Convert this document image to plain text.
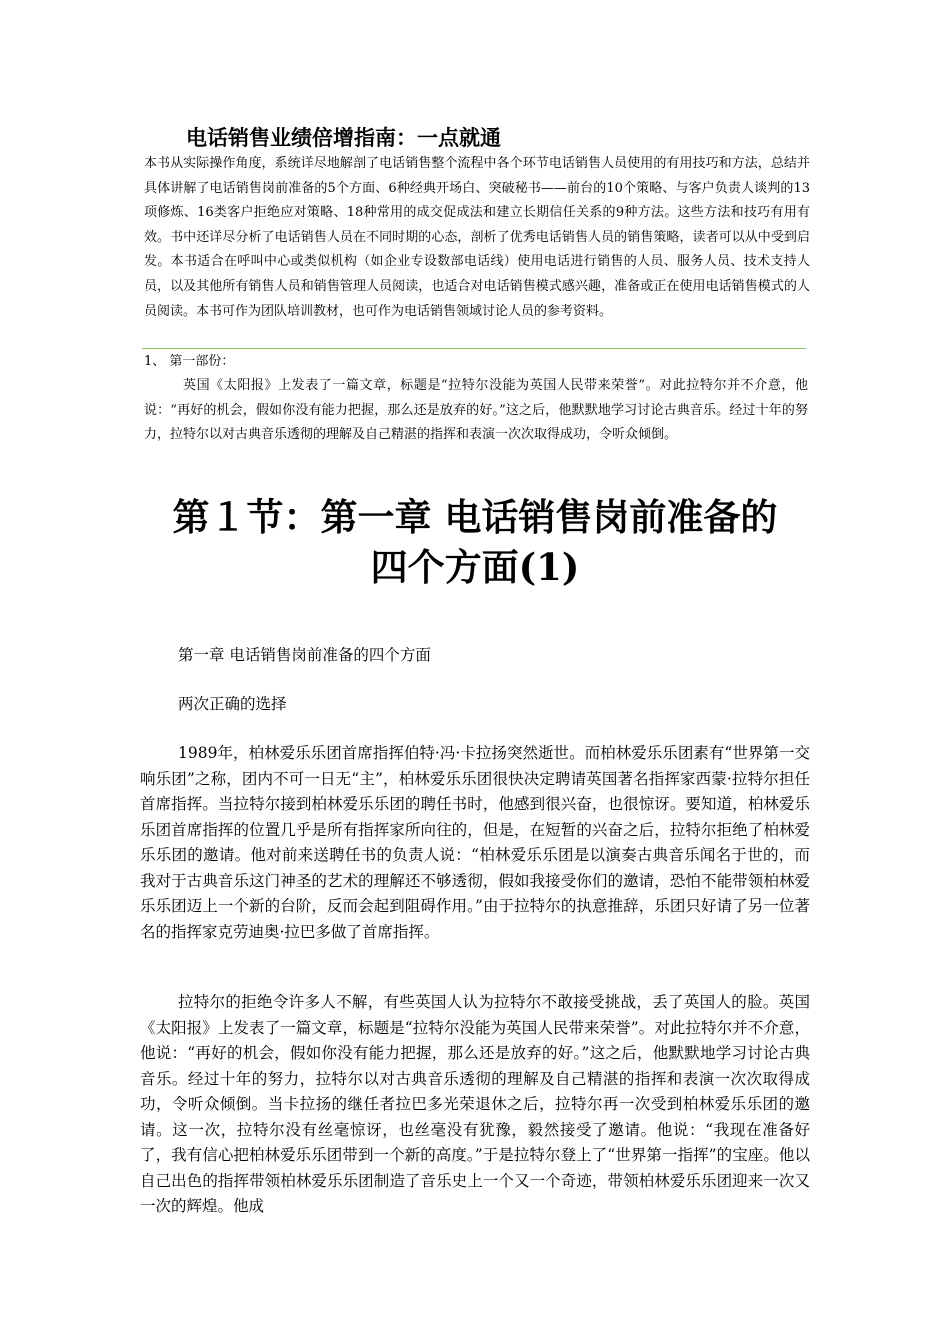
电话销售业绩倍增指南：一点就通
本书从实际操作角度，系统详尽地解剖了电话销售整个流程中各个环节电话销售人员使用的有用技巧和方法，总结并具体讲解了电话销售岗前准备的5个方面、6种经典开场白、突破秘书——前台的10个策略、与客户负责人谈判的13项修炼、16类客户拒绝应对策略、18种常用的成交促成法和建立长期信任关系的9种方法。这些方法和技巧有用有效。书中还详尽分析了电话销售人员在不同时期的心态，剖析了优秀电话销售人员的销售策略，读者可以从中受到启发。本书适合在呼叫中心或类似机构（如企业专设数部电话线）使用电话进行销售的人员、服务人员、技术支持人员，以及其他所有销售人员和销售管理人员阅读，也适合对电话销售模式感兴趣，准备或正在使用电话销售模式的人员阅读。本书可作为团队培训教材，也可作为电话销售领域讨论人员的参考资料。
1、 第一部份：
英国《太阳报》上发表了一篇文章，标题是“拉特尔没能为英国人民带来荣誉”。对此拉特尔并不介意，他说：“再好的机会，假如你没有能力把握，那么还是放弃的好。”这之后，他默默地学习讨论古典音乐。经过十年的努力，拉特尔以对古典音乐透彻的理解及自己精湛的指挥和表演一次次取得成功，令听众倾倒。
第１节：第一章 电话销售岗前准备的
四个方面(1)
第一章 电话销售岗前准备的四个方面
两次正确的选择
1989年，柏林爱乐乐团首席指挥伯特·冯·卡拉扬突然逝世。而柏林爱乐乐团素有“世界第一交响乐团”之称，团内不可一日无“主”，柏林爱乐乐团很快决定聘请英国著名指挥家西蒙·拉特尔担任首席指挥。当拉特尔接到柏林爱乐乐团的聘任书时，他感到很兴奋，也很惊讶。要知道，柏林爱乐乐团首席指挥的位置几乎是所有指挥家所向往的，但是，在短暂的兴奋之后，拉特尔拒绝了柏林爱乐乐团的邀请。他对前来送聘任书的负责人说：“柏林爱乐乐团是以演奏古典音乐闻名于世的，而我对于古典音乐这门神圣的艺术的理解还不够透彻，假如我接受你们的邀请，恐怕不能带领柏林爱乐乐团迈上一个新的台阶，反而会起到阻碍作用。”由于拉特尔的执意推辞，乐团只好请了另一位著名的指挥家克劳迪奥·拉巴多做了首席指挥。
拉特尔的拒绝令许多人不解，有些英国人认为拉特尔不敢接受挑战，丢了英国人的脸。英国《太阳报》上发表了一篇文章，标题是“拉特尔没能为英国人民带来荣誉”。对此拉特尔并不介意，他说：“再好的机会，假如你没有能力把握，那么还是放弃的好。”这之后，他默默地学习讨论古典音乐。经过十年的努力，拉特尔以对古典音乐透彻的理解及自己精湛的指挥和表演一次次取得成功，令听众倾倒。当卡拉扬的继任者拉巴多光荣退休之后，拉特尔再一次受到柏林爱乐乐团的邀请。这一次，拉特尔没有丝毫惊讶，也丝毫没有犹豫，毅然接受了邀请。他说：“我现在准备好了，我有信心把柏林爱乐乐团带到一个新的高度。”于是拉特尔登上了“世界第一指挥”的宝座。他以自己出色的指挥带领柏林爱乐乐团制造了音乐史上一个又一个奇迹，带领柏林爱乐乐团迎来一次又一次的辉煌。他成
